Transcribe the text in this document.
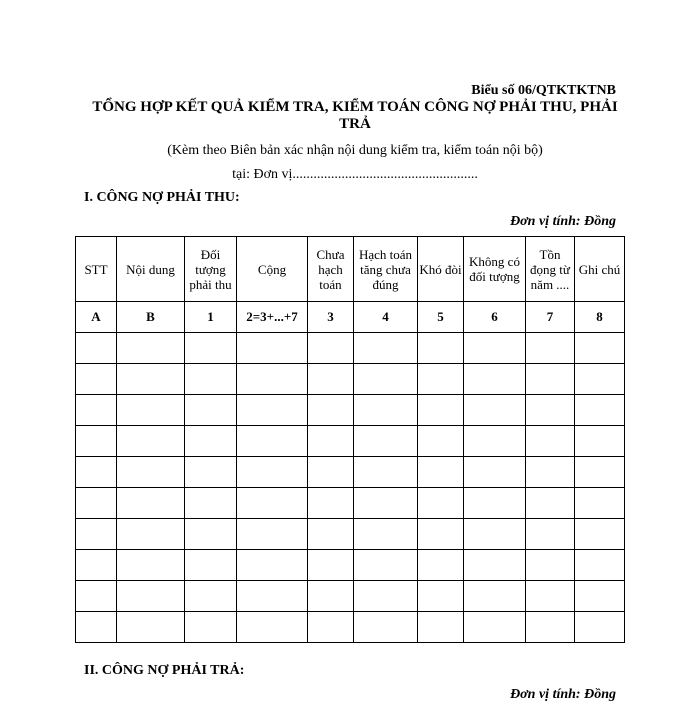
Biểu số 06/QTKTKTNB
TỔNG HỢP KẾT QUẢ KIỂM TRA, KIỂM TOÁN CÔNG NỢ PHẢI THU, PHẢI TRẢ
(Kèm theo Biên bản xác nhận nội dung kiểm tra, kiểm toán nội bộ)
tại: Đơn vị.....................................................
I. CÔNG NỢ PHẢI THU:
Đơn vị tính: Đồng
STT	Nội dung	Đối tượng phải thu	Cộng	Chưa hạch toán	Hạch toán tăng chưa đúng	Khó đòi	Không có đối tượng	Tồn đọng từ năm ....	Ghi chú
A	B	1	2=3+...+7	3	4	5	6	7	8

II. CÔNG NỢ PHẢI TRẢ:
Đơn vị tính: Đồng
